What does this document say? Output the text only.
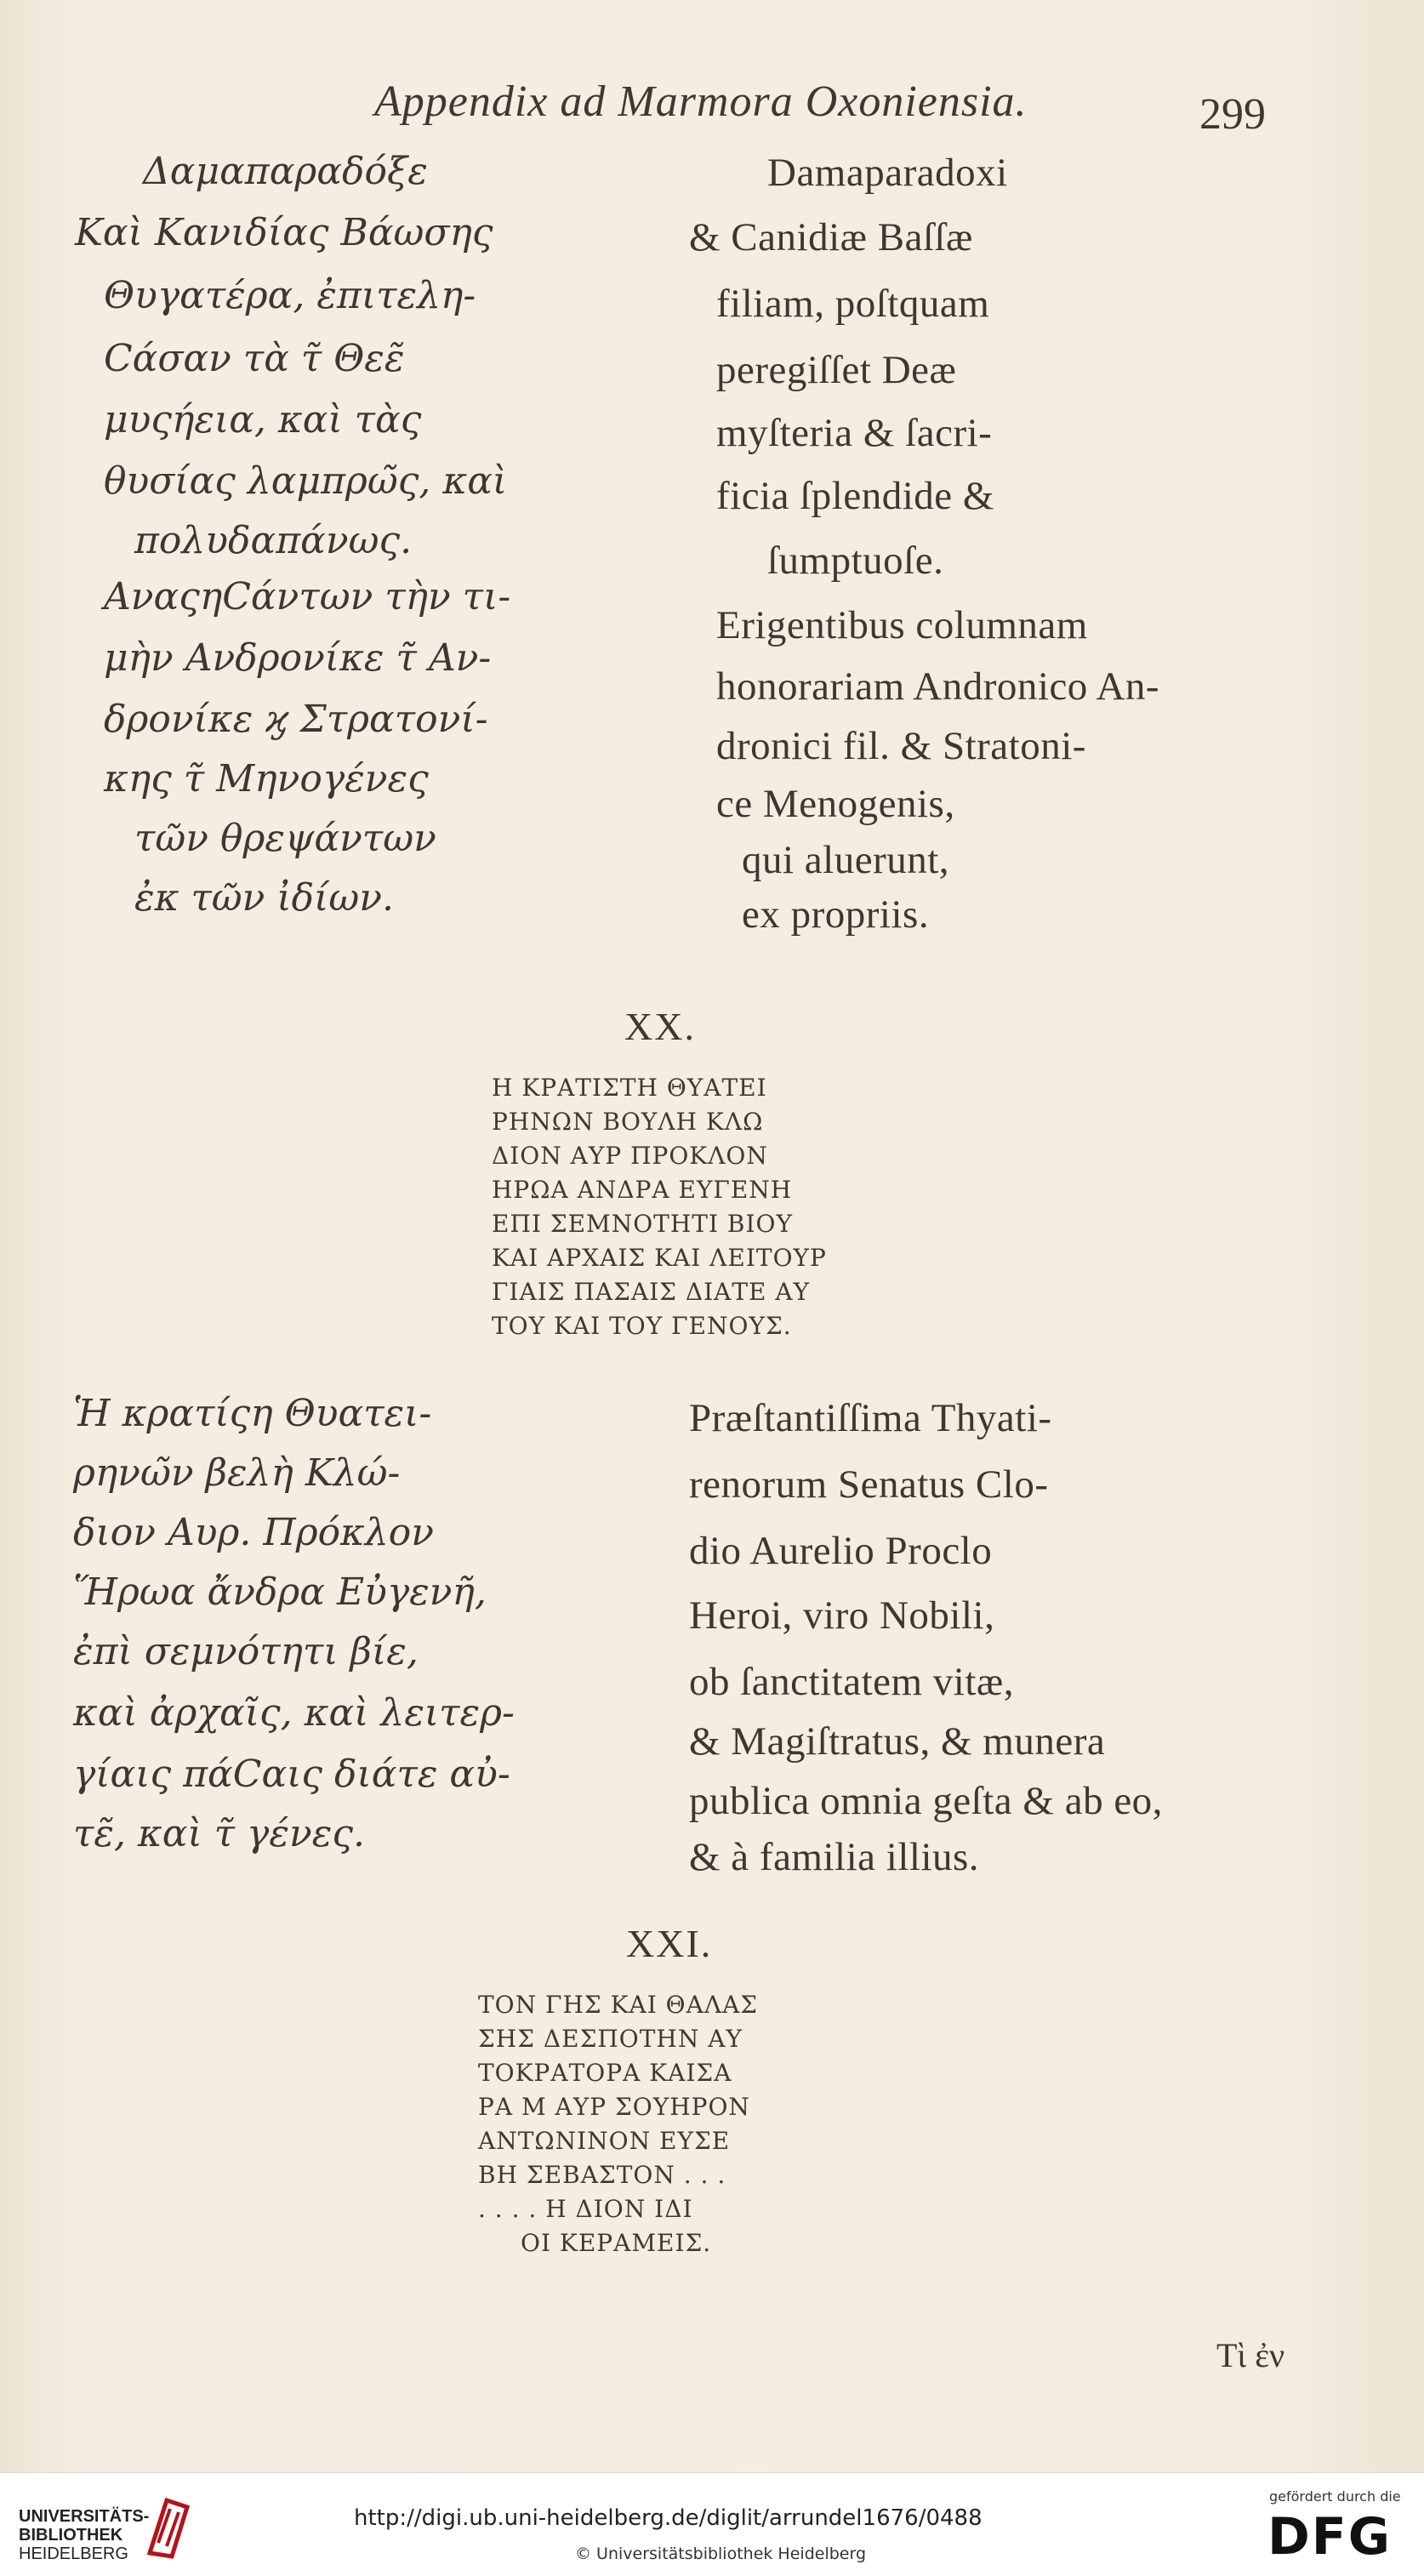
Appendix ad Marmora Oxoniensia.	299
Δαμαπαραδόξε
Καὶ Κανιδίας Βάωσης
Θυγατέρα, ἐπιτελη-
Ϲάσαν τὰ τ̃ Θεε̃
μυςήεια, καὶ τὰς
θυσίας λαμπρω̃ς, καὶ
πολυδαπάνως.
ΑναςηϹάντων τὴν τι-
μὴν Ανδρονίκε τ̃ Αν-
δρονίκε ϗ Στρατονί-
κης τ̃ Μηνογένες
τῶν θρεψάντων
ἐκ τῶν ἰδίων.
Damaparadoxi
& Canidiæ Baſſæ
filiam, poſtquam
peregiſſet Deæ
myſteria & ſacri-
ficia ſplendide &
ſumptuoſe.
Erigentibus columnam
honorariam Andronico An-
dronici fil. & Stratoni-
ce Menogenis,
qui aluerunt,
ex propriis.
XX.
Η ΚΡΑΤΙΣΤΗ ΘΥΑΤΕΙ
ΡΗΝΩΝ ΒΟΥΛΗ ΚΛΩ
ΔΙΟΝ ΑΥΡ ΠΡΟΚΛΟΝ
ΗΡΩΑ ΑΝΔΡΑ ΕΥΓΕΝΗ
ΕΠΙ ΣΕΜΝΟΤΗΤΙ ΒΙΟΥ
ΚΑΙ ΑΡΧΑΙΣ ΚΑΙ ΛΕΙΤΟΥΡ
ΓΙΑΙΣ ΠΑΣΑΙΣ ΔΙΑΤΕ ΑΥ
ΤΟΥ ΚΑΙ ΤΟΥ ΓΕΝΟΥΣ.
Ἡ κρατίςη Θυατει-
ρηνω̃ν βελὴ Κλώ-
διον Αυρ. Πρόκλον
Ἥρωα ἄνδρα Εὐγενη̃,
ἐπὶ σεμνότητι βίε,
καὶ ἀρχαι̃ς, καὶ λειτερ-
γίαις πάϹαις διάτε αὐ-
τε̃, καὶ τ̃ γένες.
Præſtantiſſima Thyati-
renorum Senatus Clo-
dio Aurelio Proclo
Heroi, viro Nobili,
ob ſanctitatem vitæ,
& Magiſtratus, & munera
publica omnia geſta & ab eo,
& à familia illius.
XXI.
ΤΟΝ ΓΗΣ ΚΑΙ ΘΑΛΑΣ
ΣΗΣ ΔΕΣΠΟΤΗΝ ΑΥ
ΤΟΚΡΑΤΟΡΑ ΚΑΙΣΑ
ΡΑ Μ ΑΥΡ ΣΟΥΗΡΟΝ
ΑΝΤΩΝΙΝΟΝ ΕΥΣΕ
ΒΗ ΣΕΒΑΣΤΟΝ . . .
. . . . Η ΔΙΟΝ ΙΔΙ
ΟΙ ΚΕΡΑΜΕΙΣ.
Τὶ ἐν
UNIVERSITÄTS-
BIBLIOTHEK
HEIDELBERG
http://digi.ub.uni-heidelberg.de/diglit/arrundel1676/0488
© Universitätsbibliothek Heidelberg
gefördert durch die
DFG
